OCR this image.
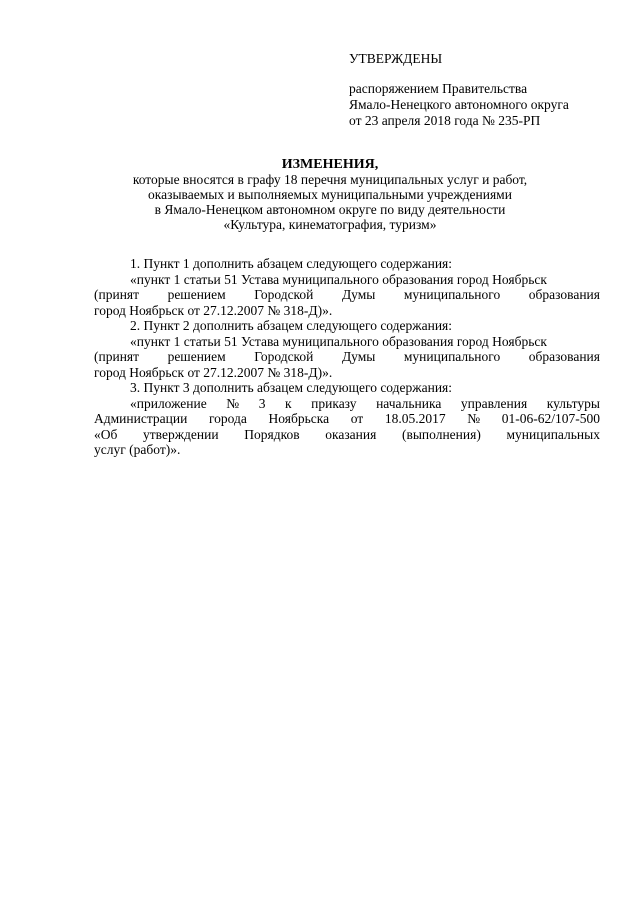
УТВЕРЖДЕНЫ
распоряжением Правительства
Ямало-Ненецкого автономного округа
от 23 апреля 2018 года № 235-РП
ИЗМЕНЕНИЯ,
которые вносятся в графу 18 перечня муниципальных услуг и работ,
оказываемых и выполняемых муниципальными учреждениями
в Ямало-Ненецком автономном округе по виду деятельности
«Культура, кинематография, туризм»
1. Пункт 1 дополнить абзацем следующего содержания:
«пункт 1 статьи 51 Устава муниципального образования город Ноябрьск
(принят решением Городской Думы муниципального образования
город Ноябрьск от 27.12.2007 № 318-Д)».
2. Пункт 2 дополнить абзацем следующего содержания:
«пункт 1 статьи 51 Устава муниципального образования город Ноябрьск
(принят решением Городской Думы муниципального образования
город Ноябрьск от 27.12.2007 № 318-Д)».
3. Пункт 3 дополнить абзацем следующего содержания:
«приложение № 3 к приказу начальника управления культуры
Администрации города Ноябрьска от 18.05.2017 № 01-06-62/107-500
«Об утверждении Порядков оказания (выполнения) муниципальных
услуг (работ)».
